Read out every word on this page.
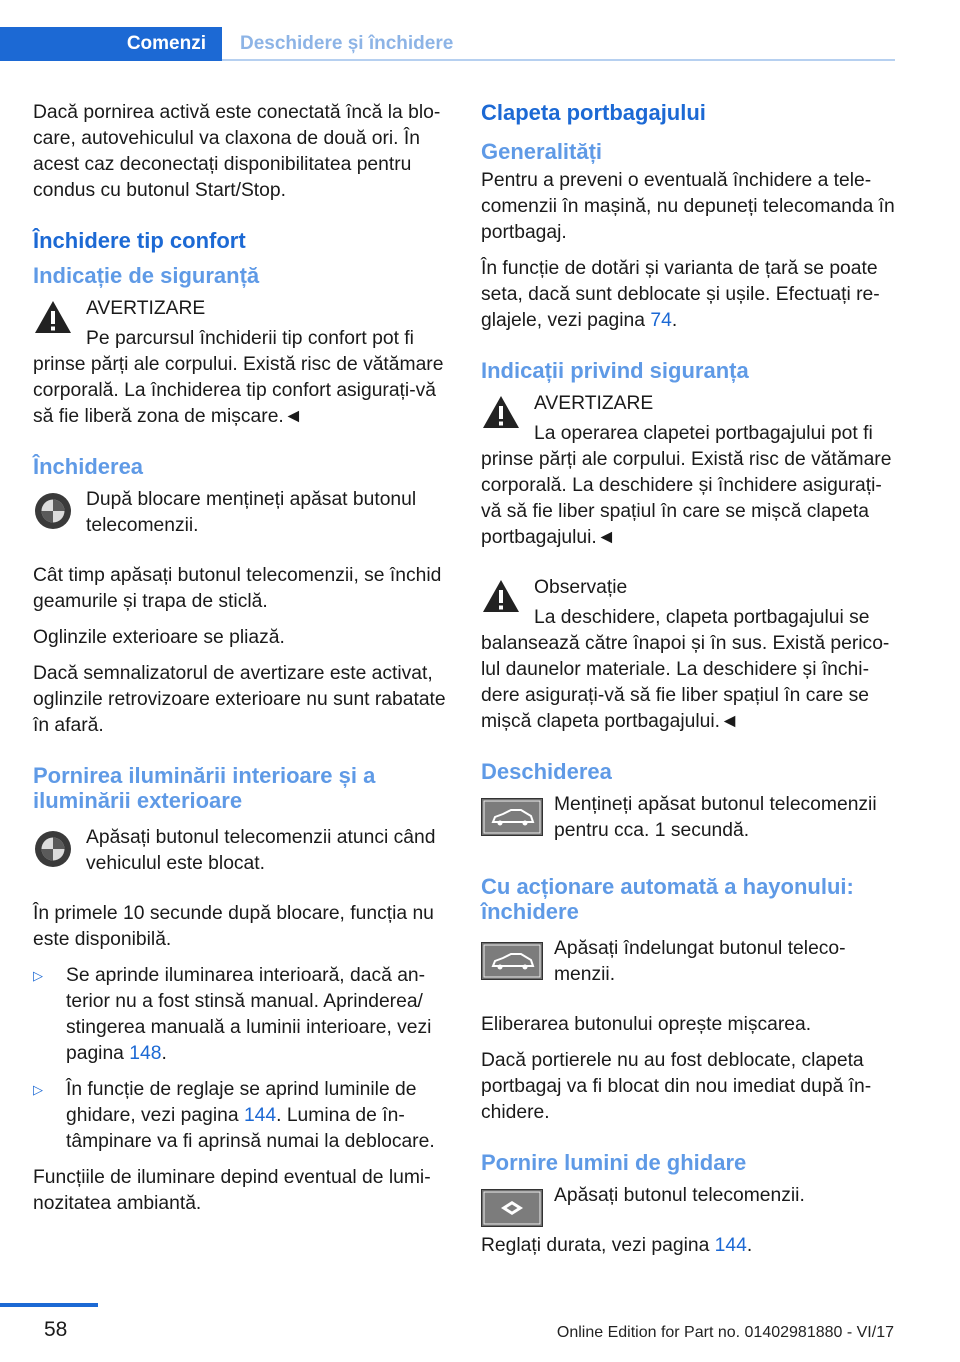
Comenzi	Deschidere și închidere

Dacă pornirea activă este conectată încă la blocare, autovehiculul va claxona de două ori. În acest caz deconectați disponibilitatea pentru condus cu butonul Start/Stop.

Închidere tip confort
Indicație de siguranță

AVERTIZARE

Pe parcursul închiderii tip confort pot fi prinse părți ale corpului. Există risc de vătămare corporală. La închiderea tip confort asigurați-vă să fie liberă zona de mișcare.◄

Închiderea

După blocare mențineți apăsat butonul telecomenzii.

Cât timp apăsați butonul telecomenzii, se închid geamurile și trapa de sticlă.

Oglinzile exterioare se pliază.

Dacă semnalizatorul de avertizare este activat, oglinzile retrovizoare exterioare nu sunt rabatate în afară.

Pornirea iluminării interioare și a iluminării exterioare

Apăsați butonul telecomenzii atunci când vehiculul este blocat.

În primele 10 secunde după blocare, funcția nu este disponibilă.

▷ Se aprinde iluminarea interioară, dacă anterior nu a fost stinsă manual. Aprinderea/ stingerea manuală a luminii interioare, vezi pagina 148.
▷ În funcție de reglaje se aprind luminile de ghidare, vezi pagina 144. Lumina de întâmpinare va fi aprinsă numai la deblocare.

Funcțiile de iluminare depind eventual de luminozitatea ambiantă.

Clapeta portbagajului
Generalități

Pentru a preveni o eventuală închidere a telecomenzii în mașină, nu depuneți telecomanda în portbagaj.

În funcție de dotări și varianta de țară se poate seta, dacă sunt deblocate și ușile. Efectuați reglajele, vezi pagina 74.

Indicații privind siguranța

AVERTIZARE

La operarea clapetei portbagajului pot fi prinse părți ale corpului. Există risc de vătămare corporală. La deschidere și închidere asigurați-vă să fie liber spațiul în care se mișcă clapeta portbagajului.◄

Observație

La deschidere, clapeta portbagajului se balansează către înapoi și în sus. Există pericolul daunelor materiale. La deschidere și închidere asigurați-vă să fie liber spațiul în care se mișcă clapeta portbagajului.◄

Deschiderea

Mențineți apăsat butonul telecomenzii pentru cca. 1 secundă.

Cu acționare automată a hayonului: închidere

Apăsați îndelungat butonul telecomenzii.

Eliberarea butonului oprește mișcarea.

Dacă portierele nu au fost deblocate, clapeta portbagaj va fi blocat din nou imediat după închidere.

Pornire lumini de ghidare

Apăsați butonul telecomenzii.

Reglați durata, vezi pagina 144.

58	Online Edition for Part no. 01402981880 - VI/17
